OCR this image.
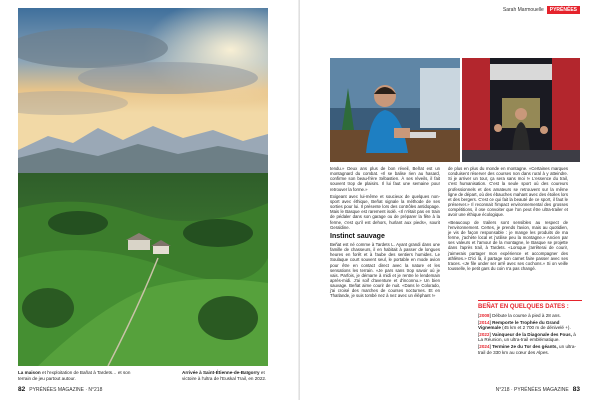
La maison et l'exploitation de Bañat à Tardets… et son terrain de jeu partout autour.
Arrivée à Saint-Étienne-de-Baïgorry et victoire à l'ultra de l'Euskal Trail, en 2022.
82 PYRÉNÉES MAGAZINE · N°218
Sarah Marmouelle	PYRÉNÉES

tendu.» Deux ans plus de bon réveil, Beñat est un montagnard du combat. «Il se balise rien au hasard, confirme son beau-frère Sébastien. À ses réveils, il fait souvent trop de plaisirs. Il lui faut une semaine pour retrouver la forme.»

Exigeant avec lui-même et soucieux de quelques non-sport avec éthique, Beñat signale la méthode de ses sorties pour lui. Il présente lors des contrôles antidopage. Mais le Basque est rarement isolé. «Il n'était pas en train de pédaler dans son garage ou de préparer la fête à la ferme, c'est qu'il est dehors, hurlant aux pieds», sourit Geraldine.

Instinct sauvage

Beñat est né comme à Tardets L. Ayant grandi dans une famille de chasseurs, il en habitait à passer de longues heures en forêt et à l'aube des sentiers humides. Le Soulaque court souvent seul, le portable en mode avion pour être en contact direct avec la nature et les sensations les terrain. «Je pars sans trop savoir où je vais. Parfois, je démarre à midi et je rentre le lendemain après-midi. J'ai soif d'aventure et d'inconnu.» Un bien sauvage. Beñat aime courir de nuit. «Dans le Colorado, j'ai croisé des marches de courses nocturnes. Et en Thaïlande, je suis tombé nez à nez avec un éléphant !»

de plus en plus du monde en montagne. «Certaines marques conduisent réserver des courses non dans rural à y atteindre. Si je arriver un tour, ça sera sans moi !» L'essence du trail, c'est humanisation. C'est la seule sport où des coureurs professionnels et des amateurs se retrouvent sur la même ligne de départ, où des ébauches mahant avec des étoiles lors et des bergers. C'est ce qui fait la beauté de ce sport, il faut le préserver.» Il reconnait l'impact environnemental des grosses compétitions, il ose convoiter que l'on peut être ultra-trailer et avoir une éthique écologique.

«Beaucoup de trailers sont sensibles au respect de l'environnement. Certes, je prends l'avion, mais au quotidien, je vis de façon responsable : je mange les produits de ma ferme, j'achète local et j'utilise peu la montagne.» Ancien par ses valeurs et l'amour de la montagne, le Basque se projette dans l'après trail, à Tardets. «Lorsque j'arrêterai de courir, j'aimerais partager mon expérience et accompagner des athlètes.» D'ici là, il partage son carnet faire passer avec ses traces. «Je file under ser arrê avec ses cochons.» Si on veille tousselle, le petit gars du coin n'a pas changé.

BEÑAT EN QUELQUES DATES :
[2008] Débute la course à pied à 28 ans.
[2014] Remporte le Trophée du Grand Vignemale (45 km et 2 700 m de dénivelé +).
[2022] Vainqueur de la Diagonale des Fous, à La Réunion, un ultra-trail emblématique.
[2024] Termine 2e du Tor des géants, un ultra-trail de 330 km au cœur des Alpes.
N°218 · PYRÉNÉES MAGAZINE 83
